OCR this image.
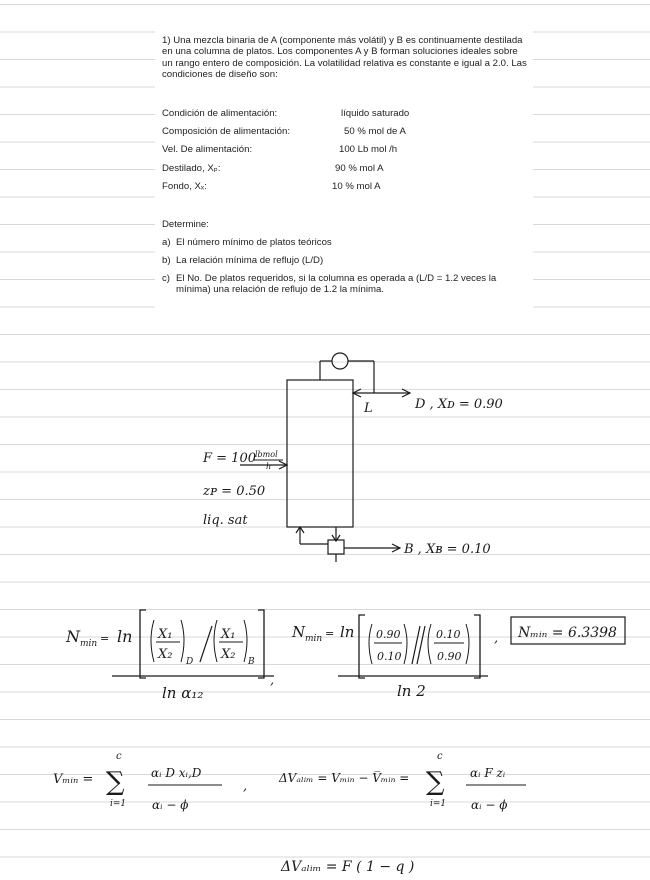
1) Una mezcla binaria de A (componente más volátil) y B es continuamente destilada en una columna de platos. Los componentes A y B forman soluciones ideales sobre un rango entero de composición. La volatilidad relativa es constante e igual a 2.0. Las condiciones de diseño son:
Condición de alimentación:	líquido saturado
Composición de alimentación:	50 % mol de A
Vel. De alimentación:	100 Lb mol /h
Destilado, Xₚ:	90 % mol A
Fondo, Xₓ:	10 % mol A
Determine:
a) El número mínimo de platos teóricos
b) La relación mínima de reflujo (L/D)
c) El No. De platos requeridos, si la columna es operada a (L/D = 1.2 veces la mínima) una relación de reflujo de 1.2 la mínima.
L	D , Xᴅ = 0.90
F = 100 lbmol
h
zᴘ = 0.50
liq. sat
B , Xʙ = 0.10
N min = ln X₁
X₂ D
X₁
X₂ B
,
ln α₁₂
N min = ln 0.90
0.10
0.10
0.90
,
ln 2
Nₘᵢₙ = 6.3398
Vₘᵢₙ =
c
∑
i=1
αᵢ D xᵢ,D
αᵢ − ϕ
,
ΔVₐₗᵢₘ = Vₘᵢₙ − V̅ₘᵢₙ =
c
∑
i=1
αᵢ F zᵢ
αᵢ − ϕ
ΔVₐₗᵢₘ = F ( 1 − q )
